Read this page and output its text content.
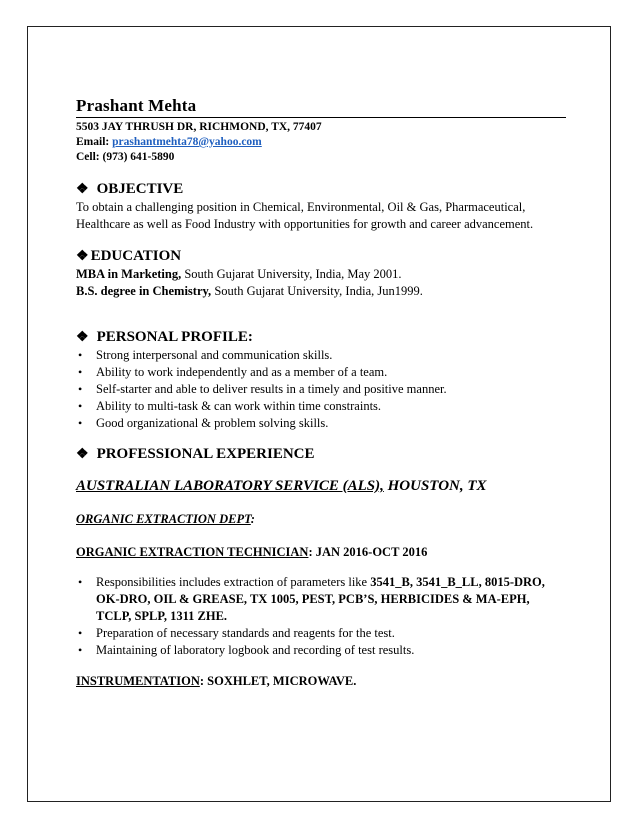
Prashant Mehta
5503 JAY THRUSH DR, RICHMOND, TX, 77407
Email: prashantmehta78@yahoo.com
Cell: (973) 641-5890
❖ OBJECTIVE
To obtain a challenging position in Chemical, Environmental, Oil & Gas, Pharmaceutical,
Healthcare as well as Food Industry with opportunities for growth and career advancement.
❖ EDUCATION
MBA in Marketing, South Gujarat University, India, May 2001.
B.S. degree in Chemistry, South Gujarat University, India, Jun1999.
❖ PERSONAL PROFILE:
• Strong interpersonal and communication skills.
• Ability to work independently and as a member of a team.
• Self-starter and able to deliver results in a timely and positive manner.
• Ability to multi-task & can work within time constraints.
• Good organizational & problem solving skills.
❖ PROFESSIONAL EXPERIENCE
AUSTRALIAN LABORATORY SERVICE (ALS), HOUSTON, TX
ORGANIC EXTRACTION DEPT:
ORGANIC EXTRACTION TECHNICIAN: JAN 2016-OCT 2016
• Responsibilities includes extraction of parameters like 3541_B, 3541_B_LL, 8015-DRO,
OK-DRO, OIL & GREASE, TX 1005, PEST, PCB’S, HERBICIDES & MA-EPH,
TCLP, SPLP, 1311 ZHE.
• Preparation of necessary standards and reagents for the test.
• Maintaining of laboratory logbook and recording of test results.
INSTRUMENTATION: SOXHLET, MICROWAVE.
